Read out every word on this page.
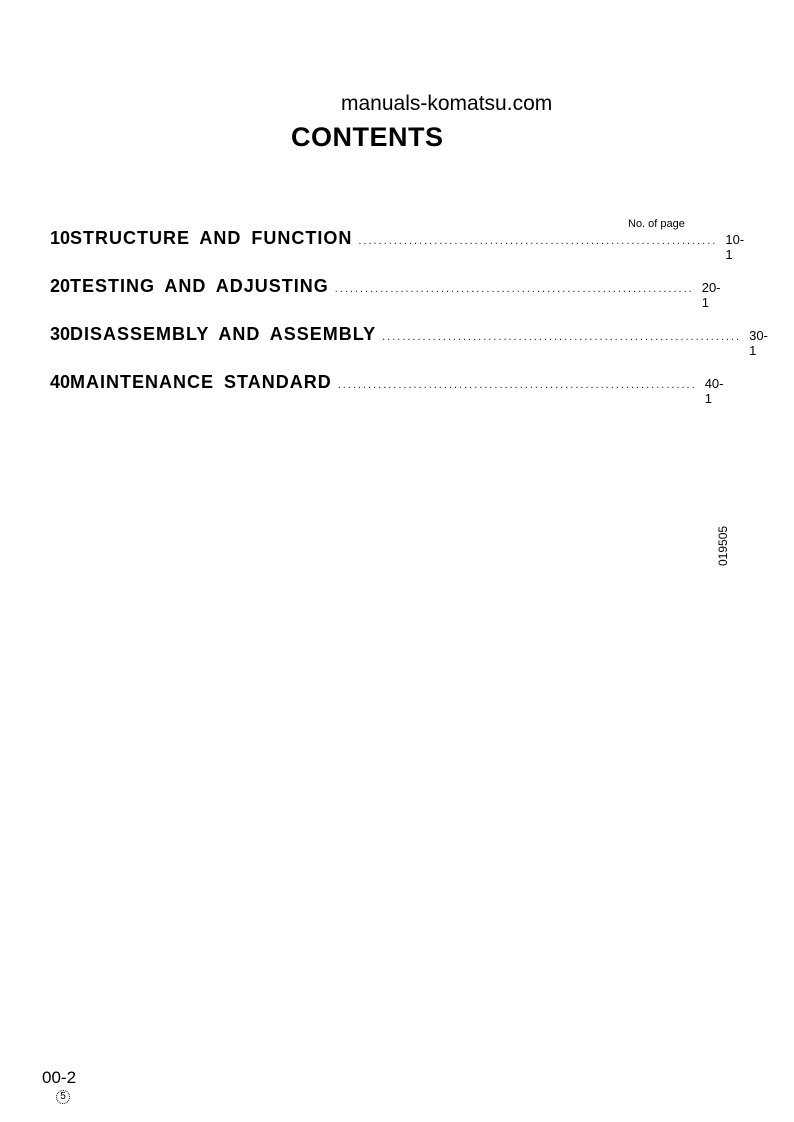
manuals-komatsu.com
CONTENTS
No. of page
10 STRUCTURE AND FUNCTION ....................................................................... 10-1
20 TESTING AND ADJUSTING ....................................................................... 20-1
30 DISASSEMBLY AND ASSEMBLY ....................................................................... 30-1
40 MAINTENANCE STANDARD ....................................................................... 40-1
019505
00-2
5
